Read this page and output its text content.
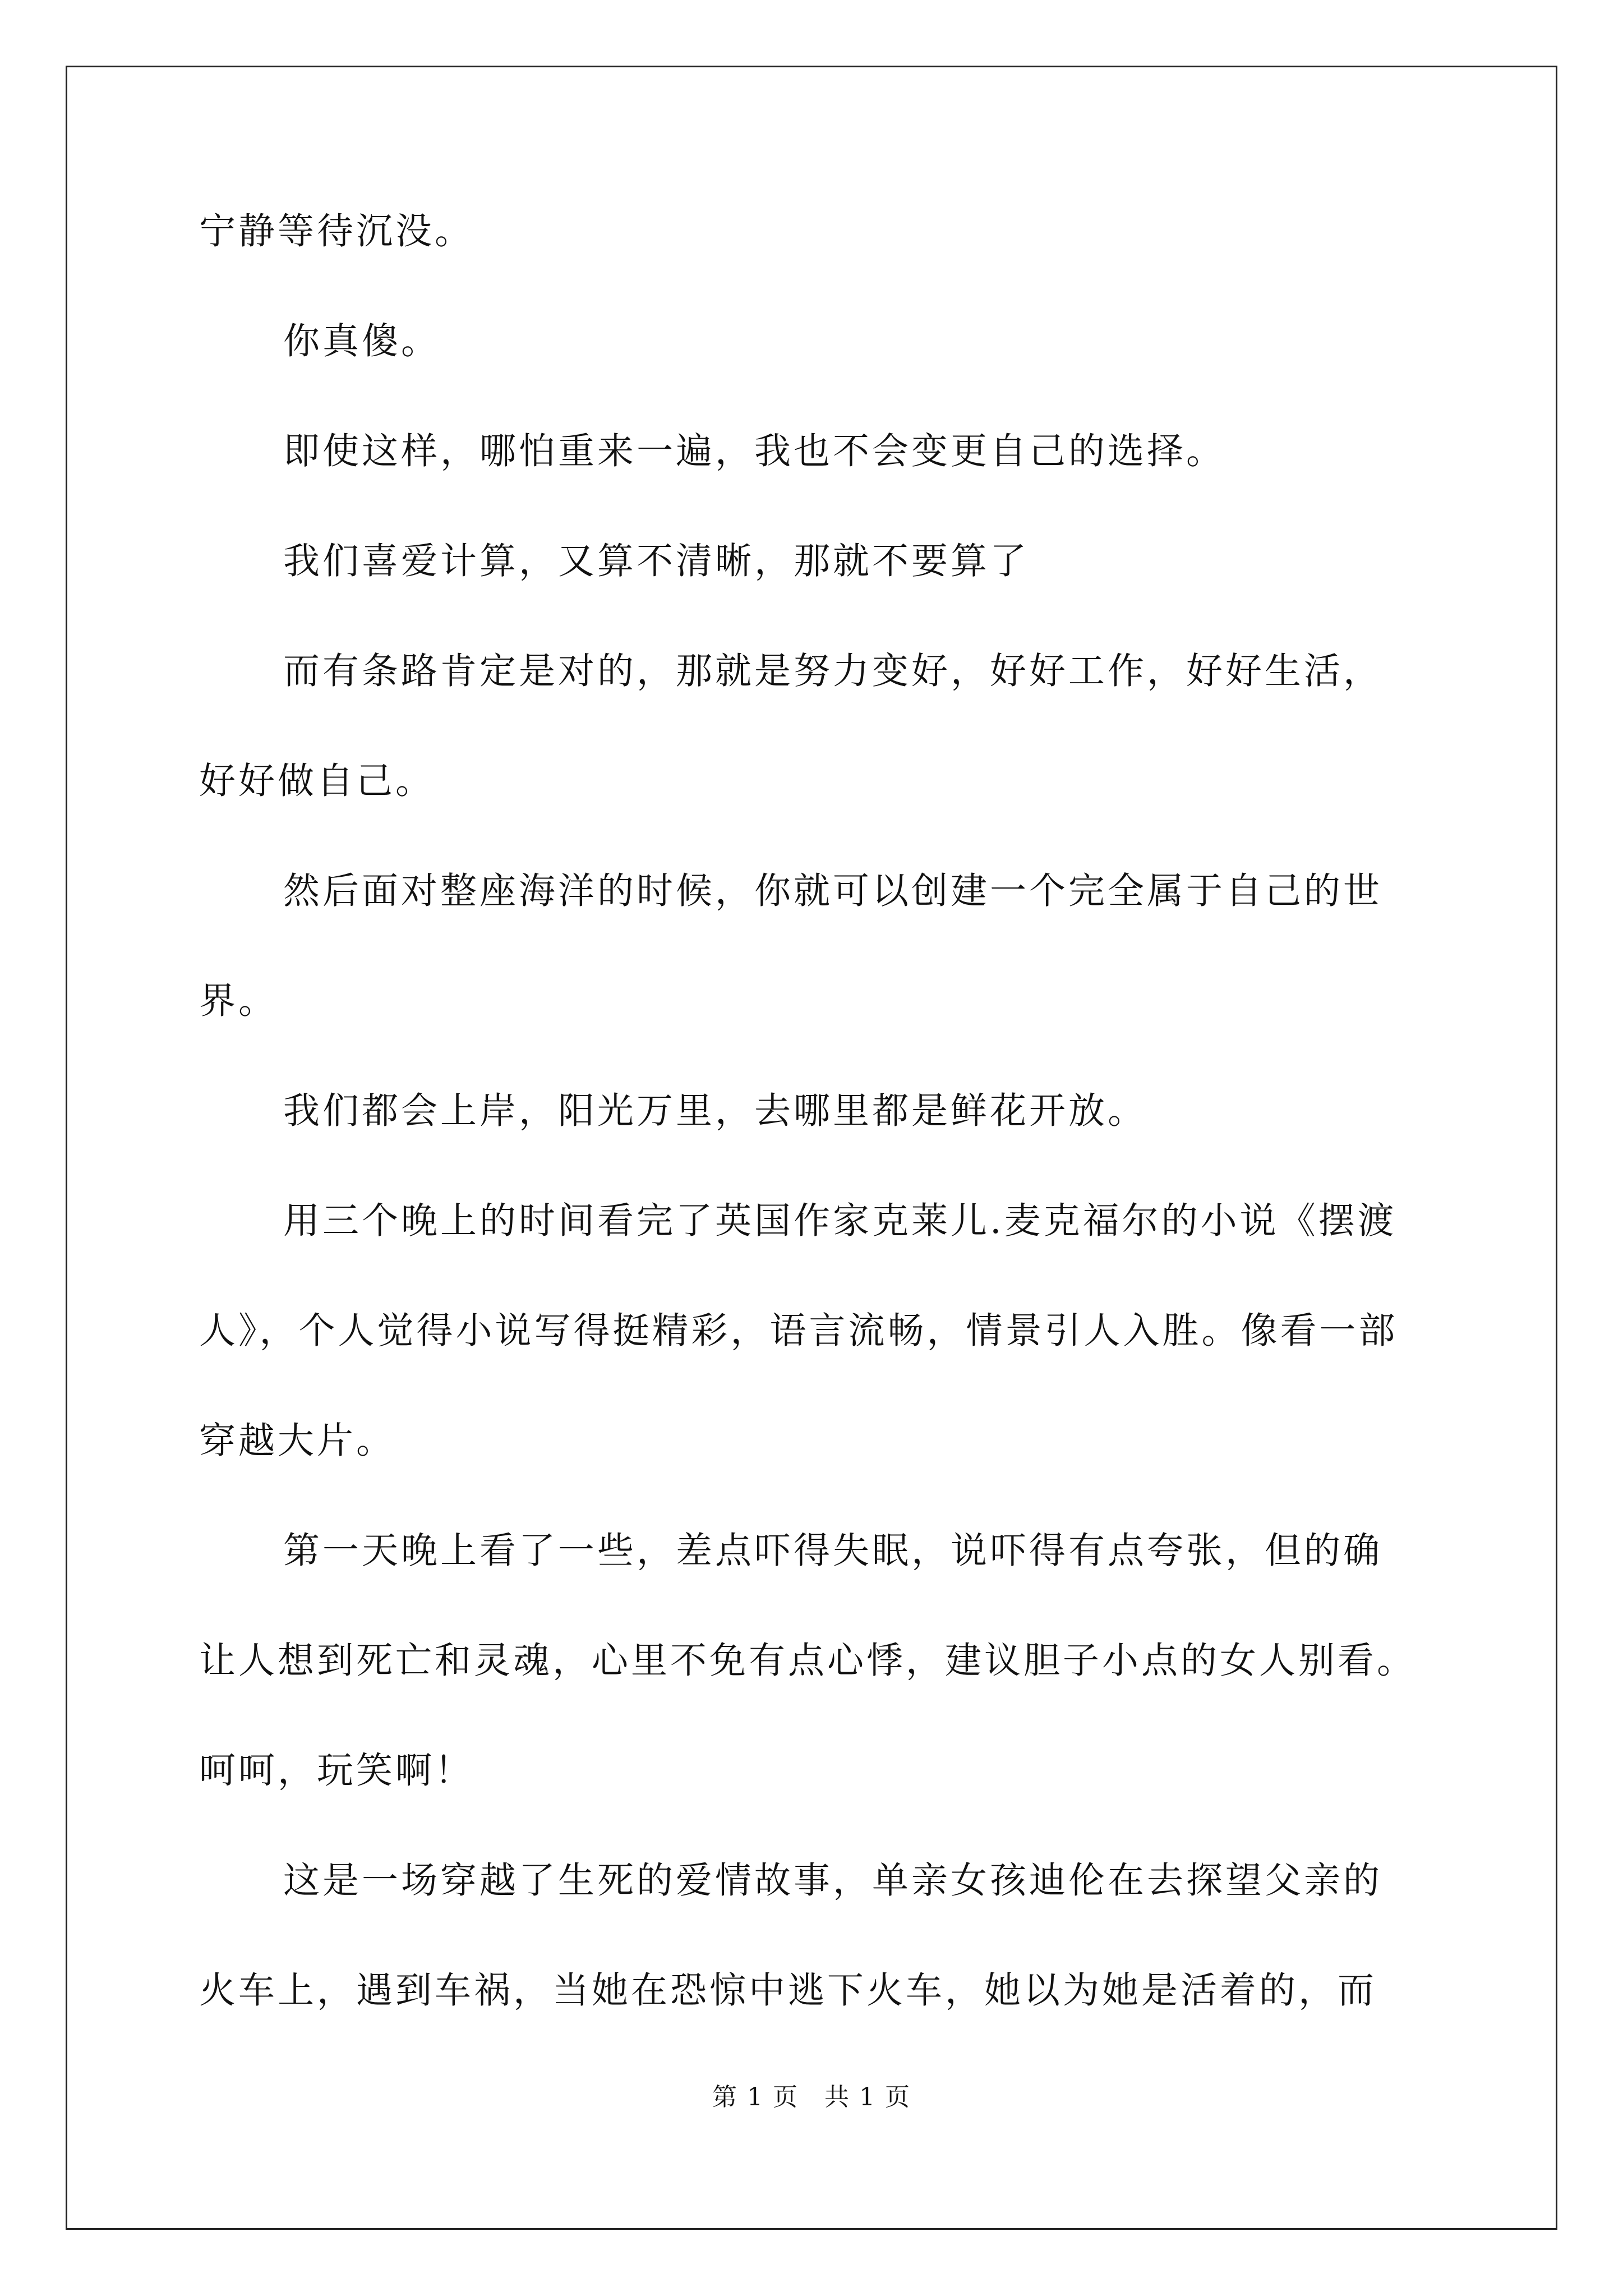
宁静等待沉没。
你真傻。
即使这样，哪怕重来一遍，我也不会变更自己的选择。
我们喜爱计算，又算不清晰，那就不要算了
而有条路肯定是对的，那就是努力变好，好好工作，好好生活，
好好做自己。
然后面对整座海洋的时候，你就可以创建一个完全属于自己的世
界。
我们都会上岸，阳光万里，去哪里都是鲜花开放。
用三个晚上的时间看完了英国作家克莱儿.麦克福尔的小说《摆渡
人》，个人觉得小说写得挺精彩，语言流畅，情景引人入胜。像看一部
穿越大片。
第一天晚上看了一些，差点吓得失眠，说吓得有点夸张，但的确
让人想到死亡和灵魂，心里不免有点心悸，建议胆子小点的女人别看。
呵呵，玩笑啊！
这是一场穿越了生死的爱情故事，单亲女孩迪伦在去探望父亲的
火车上，遇到车祸，当她在恐惊中逃下火车，她以为她是活着的，而
第 1 页　共 1 页
